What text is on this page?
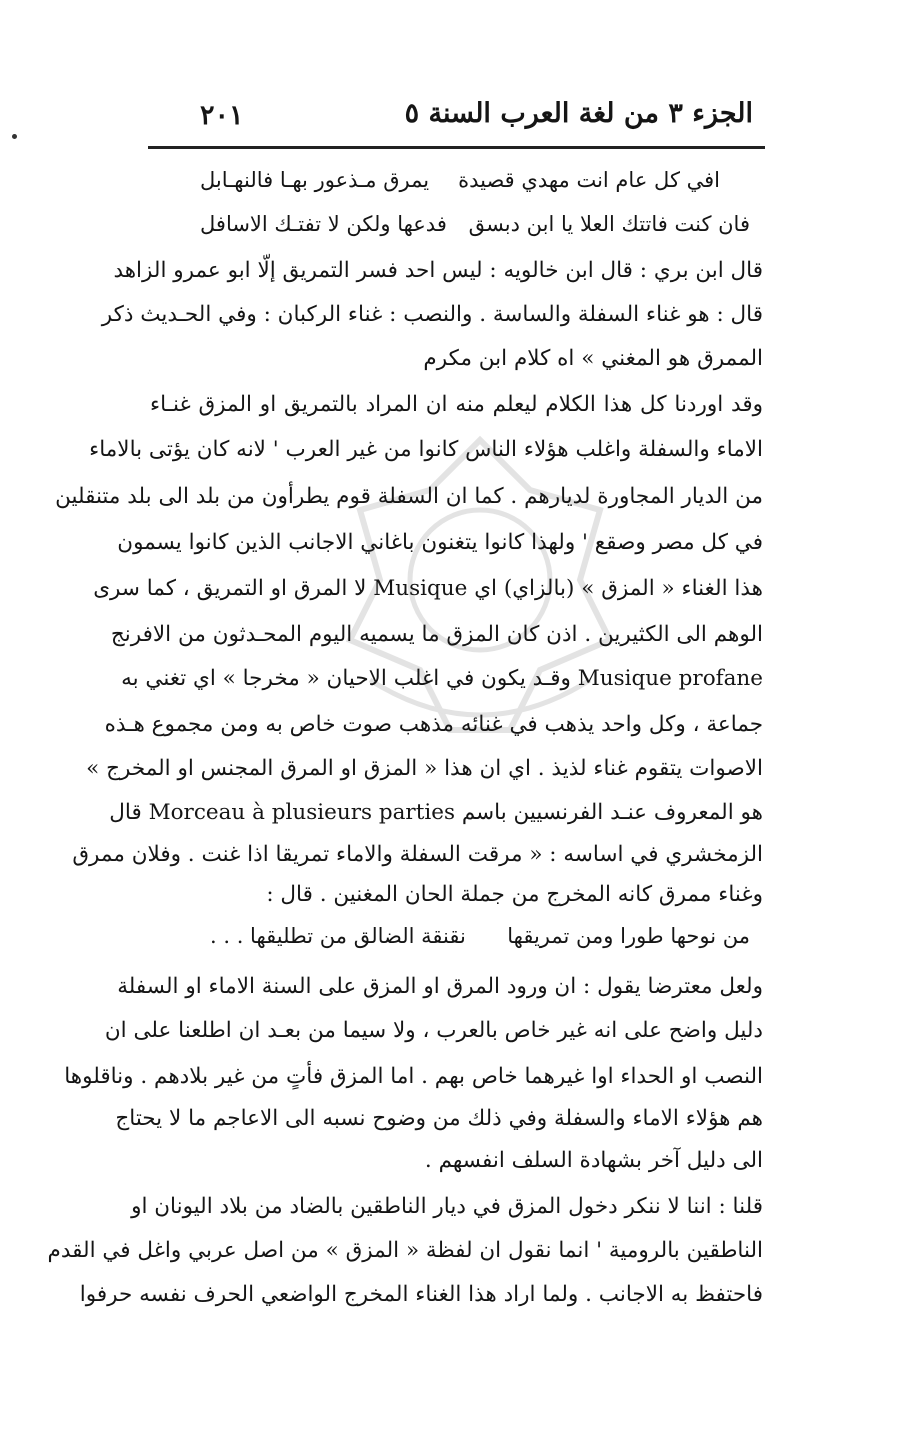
٢٠١	الجزء ٣ من لغة العرب السنة ٥
افي كل عام انت مهدي قصيدة
يمرق مـذعور بهـا فالنهـابل
فان كنت فاتتك العلا يا ابن دبسق
فدعها ولكن لا تفتـك الاسافل
قال ابن بري : قال ابن خالويه : ليس احد فسر التمريق إلّا ابو عمرو الزاهد
قال : هو غناء السفلة والساسة . والنصب : غناء الركبان : وفي الحـديث ذكر
الممرق هو المغني » اه كلام ابن مكرم
وقد اوردنا كل هذا الكلام ليعلم منه ان المراد بالتمريق او المزق غنـاء
الاماء والسفلة واغلب هؤلاء الناس كانوا من غير العرب ' لانه كان يؤتى بالاماء
من الديار المجاورة لديارهم . كما ان السفلة قوم يطرأون من بلد الى بلد متنقلين
في كل مصر وصقع ' ولهذا كانوا يتغنون باغاني الاجانب الذين كانوا يسمون
هذا الغناء « المزق » (بالزاي) اي Musique لا المرق او التمريق ، كما سرى
الوهم الى الكثيرين . اذن كان المزق ما يسميه اليوم المحـدثون من الافرنج
Musique profane وقـد يكون في اغلب الاحيان « مخرجا » اي تغني به
جماعة ، وكل واحد يذهب في غنائه مذهب صوت خاص به ومن مجموع هـذه
الاصوات يتقوم غناء لذيذ . اي ان هذا « المزق او المرق المجنس او المخرج »
هو المعروف عنـد الفرنسيين باسم Morceau à plusieurs parties قال
الزمخشري في اساسه : « مرقت السفلة والاماء تمريقا اذا غنت . وفلان ممرق
وغناء ممرق كانه المخرج من جملة الحان المغنين . قال :
من نوحها طورا ومن تمريقها
نقنقة الضالق من تطليقها . . .
ولعل معترضا يقول : ان ورود المرق او المزق على السنة الاماء او السفلة
دليل واضح على انه غير خاص بالعرب ، ولا سيما من بعـد ان اطلعنا على ان
النصب او الحداء اوا غيرهما خاص بهم . اما المزق فأتٍ من غير بلادهم . وناقلوها
هم هؤلاء الاماء والسفلة وفي ذلك من وضوح نسبه الى الاعاجم ما لا يحتاج
الى دليل آخر بشهادة السلف انفسهم .
قلنا : اننا لا ننكر دخول المزق في ديار الناطقين بالضاد من بلاد اليونان او
الناطقين بالرومية ' انما نقول ان لفظة « المزق » من اصل عربي واغل في القدم
فاحتفظ به الاجانب . ولما اراد هذا الغناء المخرج الواضعي الحرف نفسه حرفوا
